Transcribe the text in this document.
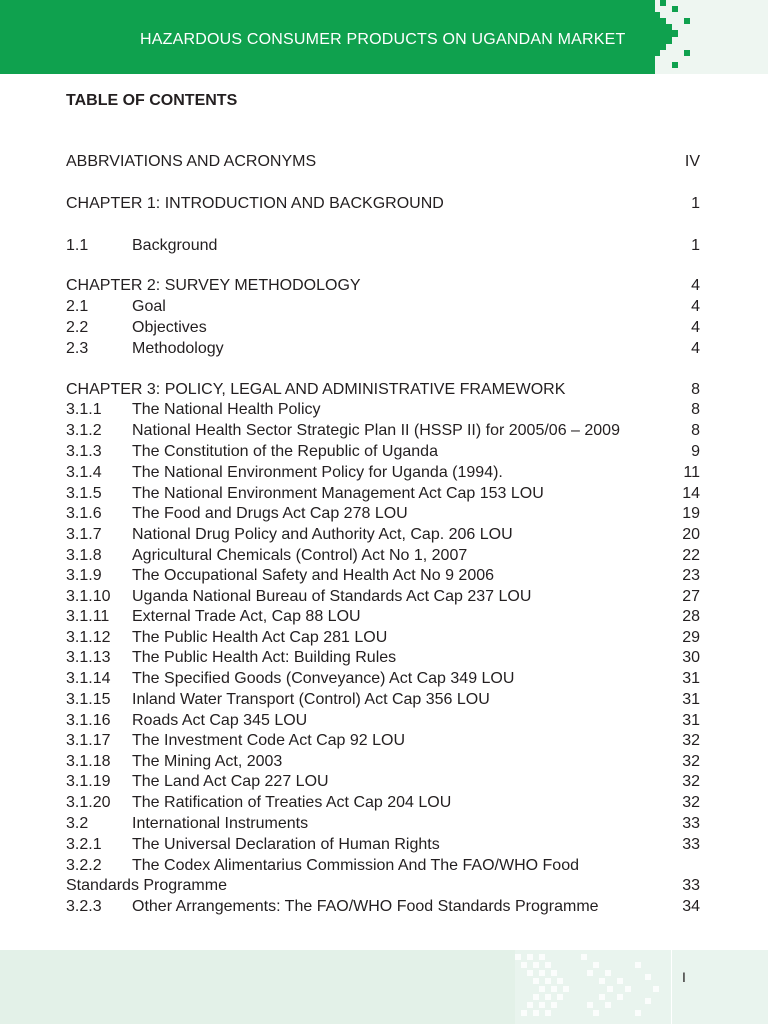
HAZARDOUS CONSUMER PRODUCTS ON UGANDAN MARKET
TABLE OF CONTENTS
ABBRVIATIONS AND ACRONYMS	IV
CHAPTER 1: INTRODUCTION AND BACKGROUND	1
1.1	Background	1
CHAPTER 2: SURVEY METHODOLOGY	4
2.1	Goal	4
2.2	Objectives	4
2.3	Methodology	4
CHAPTER 3: POLICY, LEGAL AND ADMINISTRATIVE FRAMEWORK	8
3.1.1 The National Health Policy	8
3.1.2 National Health Sector Strategic Plan II (HSSP II) for 2005/06 – 2009	8
3.1.3 The Constitution of the Republic of Uganda	9
3.1.4 The National Environment Policy for Uganda (1994).	11
3.1.5 The National Environment Management Act Cap 153 LOU	14
3.1.6 The Food and Drugs Act Cap 278 LOU	19
3.1.7 National Drug Policy and Authority Act, Cap. 206 LOU	20
3.1.8 Agricultural Chemicals (Control) Act No 1, 2007	22
3.1.9 The Occupational Safety and Health Act No 9 2006	23
3.1.10 Uganda National Bureau of Standards Act Cap 237 LOU	27
3.1.11 External Trade Act, Cap 88 LOU	28
3.1.12 The Public Health Act Cap 281 LOU	29
3.1.13 The Public Health Act: Building Rules	30
3.1.14 The Specified Goods (Conveyance) Act Cap 349 LOU	31
3.1.15 Inland Water Transport (Control) Act Cap 356 LOU	31
3.1.16 Roads Act Cap 345 LOU	31
3.1.17 The Investment Code Act Cap 92 LOU	32
3.1.18 The Mining Act, 2003	32
3.1.19 The Land Act Cap 227 LOU	32
3.1.20 The Ratification of Treaties Act Cap 204 LOU	32
3.2	International Instruments	33
3.2.1 The Universal Declaration of Human Rights	33
3.2.2 The Codex Alimentarius Commission And The FAO/WHO Food
Standards Programme	33
3.2.3 Other Arrangements: The FAO/WHO Food Standards Programme	34
I
